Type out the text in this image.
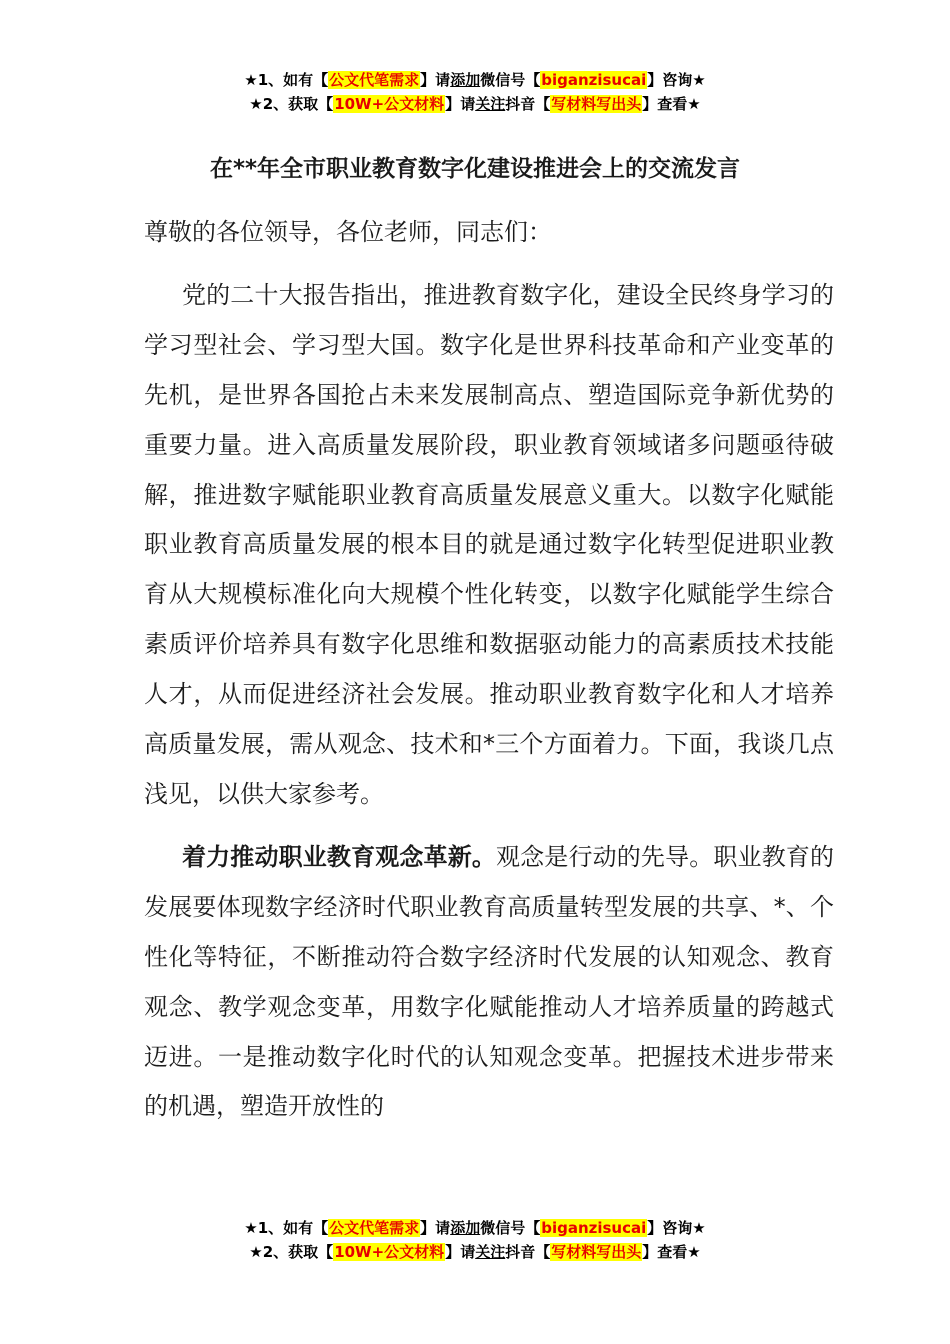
★1、如有【公文代笔需求】请添加微信号【biganzisucai】咨询★
★2、获取【10W+公文材料】请关注抖音【写材料写出头】查看★
在**年全市职业教育数字化建设推进会上的交流发言

尊敬的各位领导，各位老师，同志们：

党的二十大报告指出，推进教育数字化，建设全民终身学习的学习型社会、学习型大国。数字化是世界科技革命和产业变革的先机，是世界各国抢占未来发展制高点、塑造国际竞争新优势的重要力量。进入高质量发展阶段，职业教育领域诸多问题亟待破解，推进数字赋能职业教育高质量发展意义重大。以数字化赋能职业教育高质量发展的根本目的就是通过数字化转型促进职业教育从大规模标准化向大规模个性化转变，以数字化赋能学生综合素质评价培养具有数字化思维和数据驱动能力的高素质技术技能人才，从而促进经济社会发展。推动职业教育数字化和人才培养高质量发展，需从观念、技术和*三个方面着力。下面，我谈几点浅见，以供大家参考。

着力推动职业教育观念革新。观念是行动的先导。职业教育的发展要体现数字经济时代职业教育高质量转型发展的共享、*、个性化等特征，不断推动符合数字经济时代发展的认知观念、教育观念、教学观念变革，用数字化赋能推动人才培养质量的跨越式迈进。一是推动数字化时代的认知观念变革。把握技术进步带来的机遇，塑造开放性的

★1、如有【公文代笔需求】请添加微信号【biganzisucai】咨询★
★2、获取【10W+公文材料】请关注抖音【写材料写出头】查看★
